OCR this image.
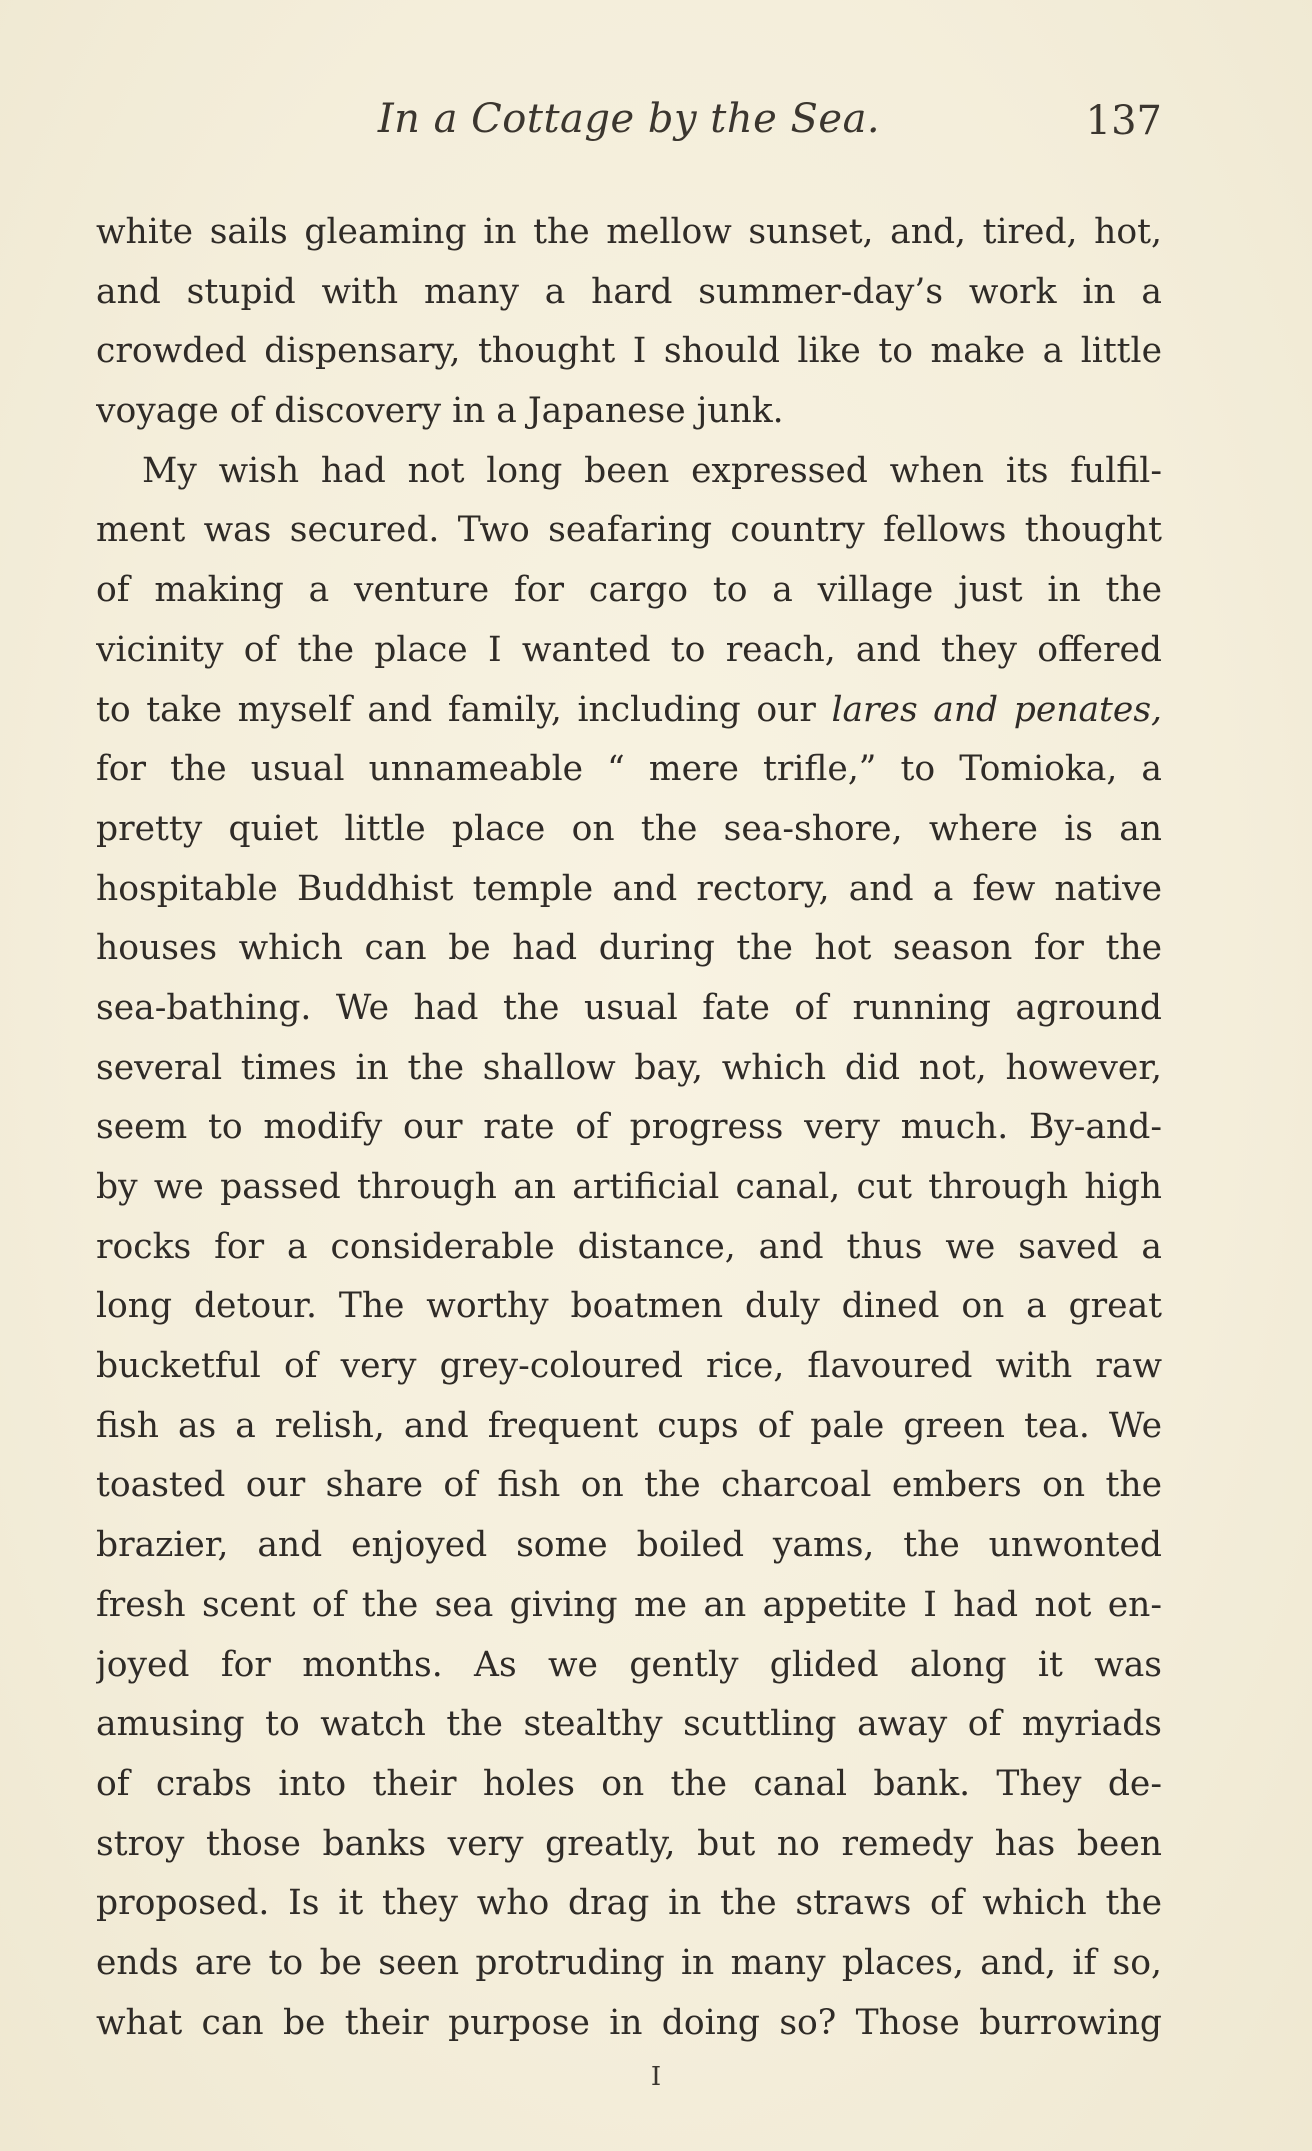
In a Cottage by the Sea.	137
white sails gleaming in the mellow sunset, and, tired, hot,
and stupid with many a hard summer-day’s work in a
crowded dispensary, thought I should like to make a little
voyage of discovery in a Japanese junk.
My wish had not long been expressed when its fulfil-
ment was secured. Two seafaring country fellows thought
of making a venture for cargo to a village just in the
vicinity of the place I wanted to reach, and they offered
to take myself and family, including our lares and penates,
for the usual unnameable “ mere trifle,” to Tomioka, a
pretty quiet little place on the sea-shore, where is an
hospitable Buddhist temple and rectory, and a few native
houses which can be had during the hot season for the
sea-bathing. We had the usual fate of running aground
several times in the shallow bay, which did not, however,
seem to modify our rate of progress very much. By-and-
by we passed through an artificial canal, cut through high
rocks for a considerable distance, and thus we saved a
long detour. The worthy boatmen duly dined on a great
bucketful of very grey-coloured rice, flavoured with raw
fish as a relish, and frequent cups of pale green tea. We
toasted our share of fish on the charcoal embers on the
brazier, and enjoyed some boiled yams, the unwonted
fresh scent of the sea giving me an appetite I had not en-
joyed for months. As we gently glided along it was
amusing to watch the stealthy scuttling away of myriads
of crabs into their holes on the canal bank. They de-
stroy those banks very greatly, but no remedy has been
proposed. Is it they who drag in the straws of which the
ends are to be seen protruding in many places, and, if so,
what can be their purpose in doing so? Those burrowing
I
